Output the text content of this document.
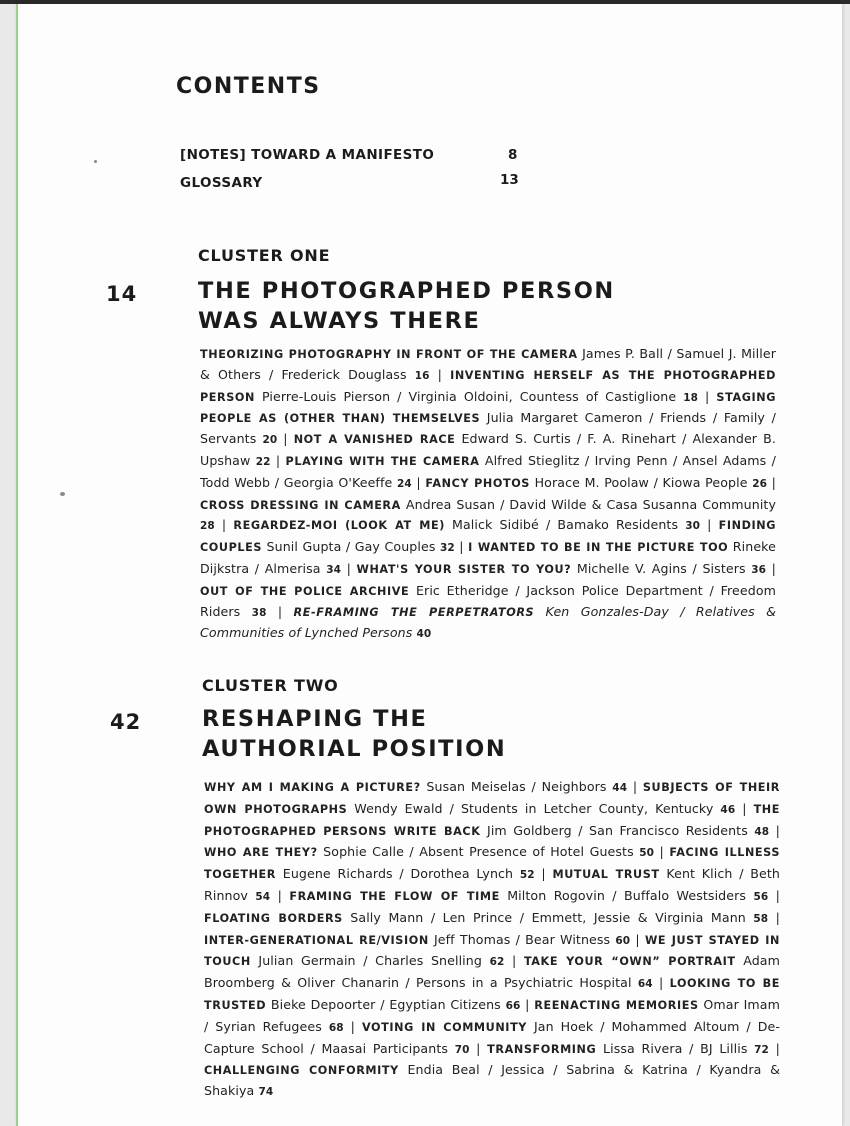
CONTENTS
[NOTES] TOWARD A MANIFESTO	8
GLOSSARY	13
CLUSTER ONE
14	THE PHOTOGRAPHED PERSON
WAS ALWAYS THERE
THEORIZING PHOTOGRAPHY IN FRONT OF THE CAMERA James P. Ball / Samuel J. Miller & Others / Frederick Douglass 16 | INVENTING HERSELF AS THE PHOTOGRAPHED PERSON Pierre-Louis Pierson / Virginia Oldoini, Countess of Castiglione 18 | STAGING PEOPLE AS (OTHER THAN) THEMSELVES Julia Margaret Cameron / Friends / Family / Servants 20 | NOT A VANISHED RACE Edward S. Curtis / F. A. Rinehart / Alexander B. Upshaw 22 | PLAYING WITH THE CAMERA Alfred Stieglitz / Irving Penn / Ansel Adams / Todd Webb / Georgia O'Keeffe 24 | FANCY PHOTOS Horace M. Poolaw / Kiowa People 26 | CROSS DRESSING IN CAMERA Andrea Susan / David Wilde & Casa Susanna Community 28 | REGARDEZ-MOI (LOOK AT ME) Malick Sidibé / Bamako Residents 30 | FINDING COUPLES Sunil Gupta / Gay Couples 32 | I WANTED TO BE IN THE PICTURE TOO Rineke Dijkstra / Almerisa 34 | WHAT'S YOUR SISTER TO YOU? Michelle V. Agins / Sisters 36 | OUT OF THE POLICE ARCHIVE Eric Etheridge / Jackson Police Department / Freedom Riders 38 | RE-FRAMING THE PERPETRATORS Ken Gonzales-Day / Relatives & Communities of Lynched Persons 40
CLUSTER TWO
42	RESHAPING THE
AUTHORIAL POSITION
WHY AM I MAKING A PICTURE? Susan Meiselas / Neighbors 44 | SUBJECTS OF THEIR OWN PHOTOGRAPHS Wendy Ewald / Students in Letcher County, Kentucky 46 | THE PHOTOGRAPHED PERSONS WRITE BACK Jim Goldberg / San Francisco Residents 48 | WHO ARE THEY? Sophie Calle / Absent Presence of Hotel Guests 50 | FACING ILLNESS TOGETHER Eugene Richards / Dorothea Lynch 52 | MUTUAL TRUST Kent Klich / Beth Rinnov 54 | FRAMING THE FLOW OF TIME Milton Rogovin / Buffalo Westsiders 56 | FLOATING BORDERS Sally Mann / Len Prince / Emmett, Jessie & Virginia Mann 58 | INTER-GENERATIONAL RE/VISION Jeff Thomas / Bear Witness 60 | WE JUST STAYED IN TOUCH Julian Germain / Charles Snelling 62 | TAKE YOUR “OWN” PORTRAIT Adam Broomberg & Oliver Chanarin / Persons in a Psychiatric Hospital 64 | LOOKING TO BE TRUSTED Bieke Depoorter / Egyptian Citizens 66 | REENACTING MEMORIES Omar Imam / Syrian Refugees 68 | VOTING IN COMMUNITY Jan Hoek / Mohammed Altoum / De-Capture School / Maasai Participants 70 | TRANSFORMING Lissa Rivera / BJ Lillis 72 | CHALLENGING CONFORMITY Endia Beal / Jessica / Sabrina & Katrina / Kyandra & Shakiya 74
